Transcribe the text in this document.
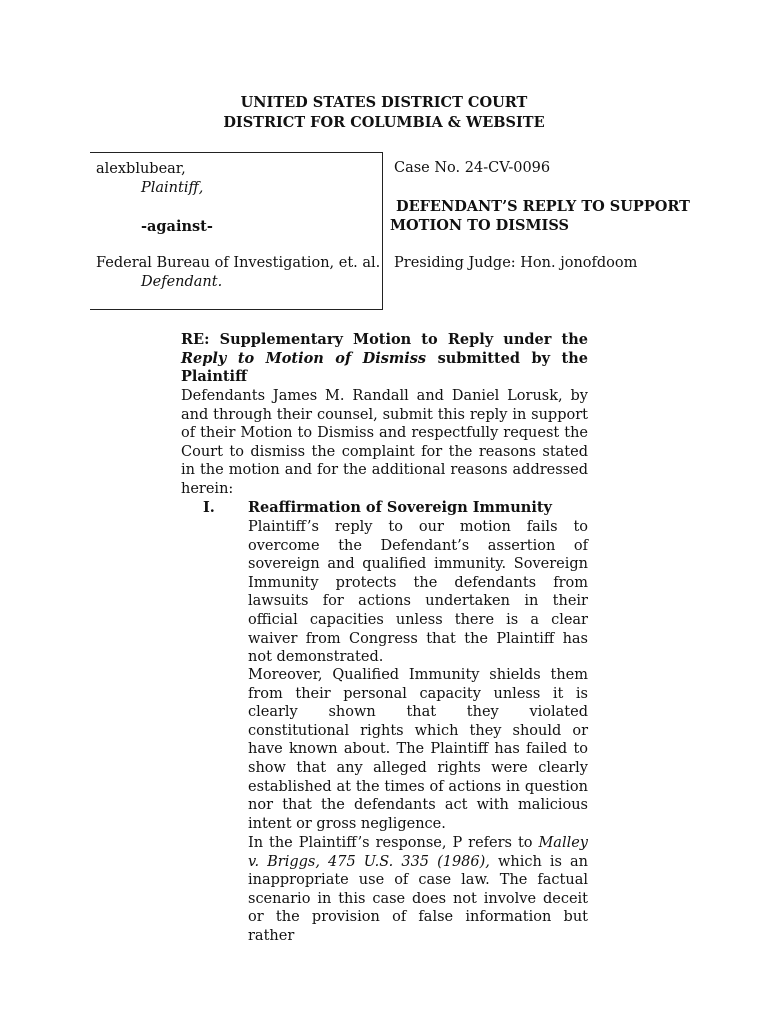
UNITED STATES DISTRICT COURT
DISTRICT FOR COLUMBIA & WEBSITE
alexblubear,
Plaintiff,
-against-
Federal Bureau of Investigation, et. al.
Defendant.
Case No. 24-CV-0096
DEFENDANT’S REPLY TO SUPPORT
MOTION TO DISMISS
Presiding Judge: Hon. jonofdoom
RE: Supplementary Motion to Reply under the Reply to Motion of Dismiss submitted by the Plaintiff
Defendants James M. Randall and Daniel Lorusk, by and through their counsel, submit this reply in support of their Motion to Dismiss and respectfully request the Court to dismiss the complaint for the reasons stated in the motion and for the additional reasons addressed herein:
I. Reaffirmation of Sovereign Immunity
Plaintiff’s reply to our motion fails to overcome the Defendant’s assertion of sovereign and qualified immunity. Sovereign Immunity protects the defendants from lawsuits for actions undertaken in their official capacities unless there is a clear waiver from Congress that the Plaintiff has not demonstrated.
Moreover, Qualified Immunity shields them from their personal capacity unless it is clearly shown that they violated constitutional rights which they should or have known about. The Plaintiff has failed to show that any alleged rights were clearly established at the times of actions in question nor that the defendants act with malicious intent or gross negligence.
In the Plaintiff’s response, P refers to Malley v. Briggs, 475 U.S. 335 (1986), which is an inappropriate use of case law. The factual scenario in this case does not involve deceit or the provision of false information but rather
